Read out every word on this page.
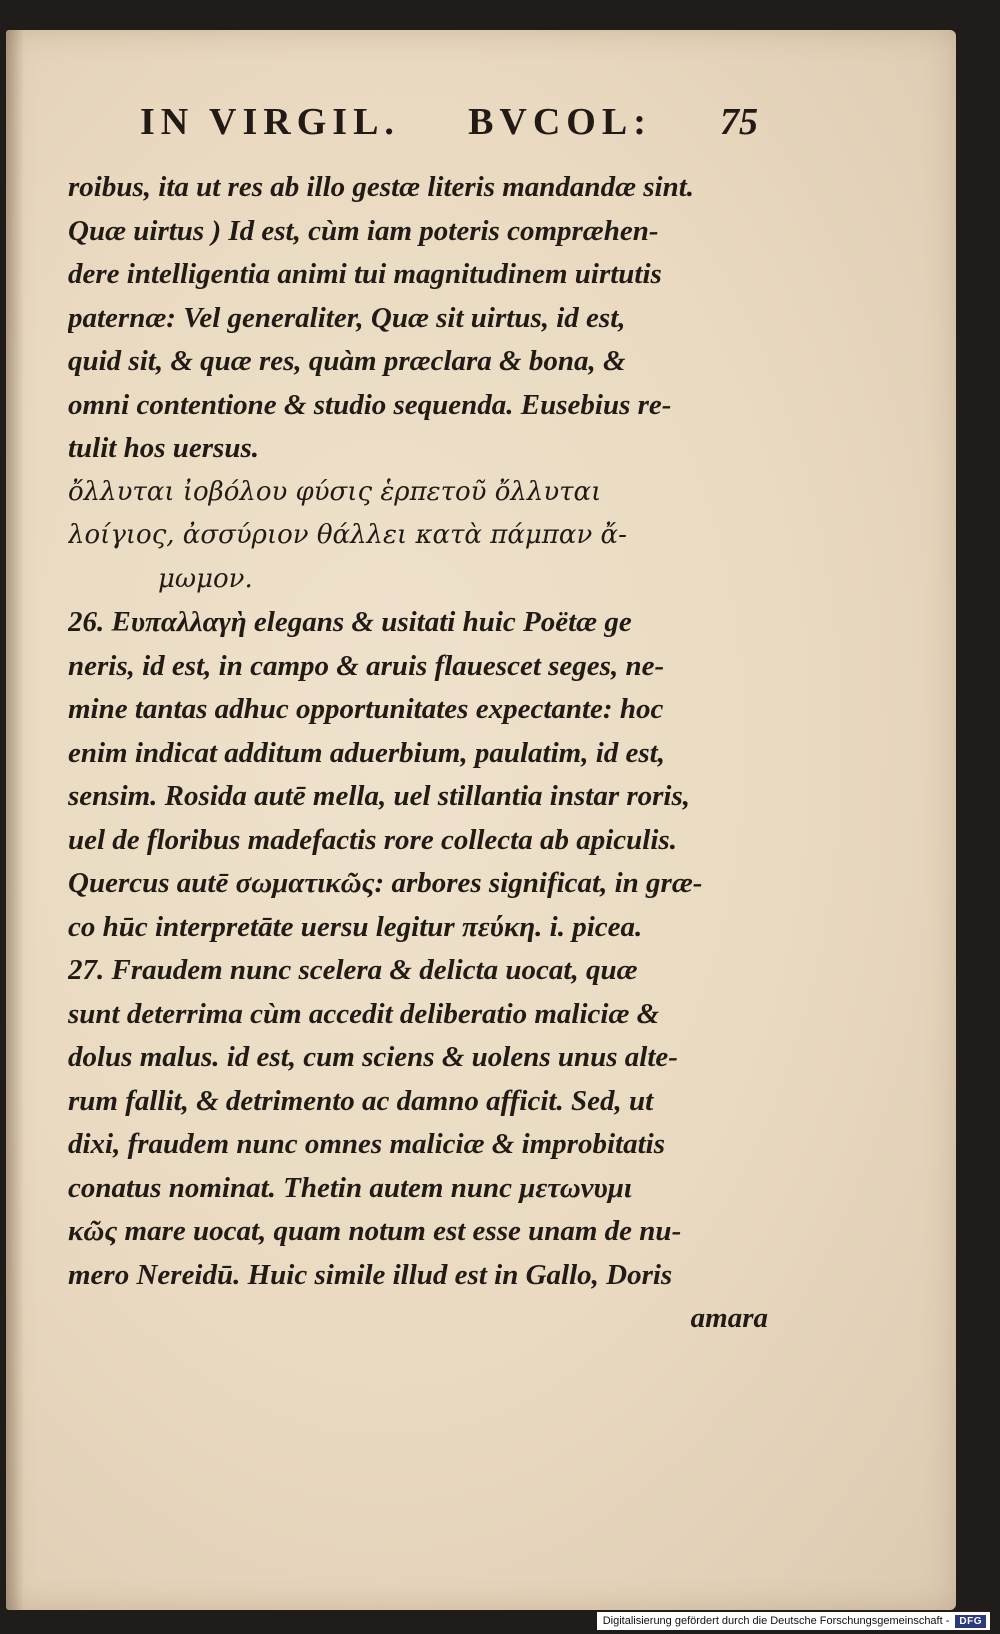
IN VIRGIL. BVCOL: 75
roibus, ita ut res ab illo gestæ literis mandandæ sint.
Quæ uirtus ) Id est, cùm iam poteris compræhen-
dere intelligentia animi tui magnitudinem uirtutis
paternæ: Vel generaliter, Quæ sit uirtus, id est,
quid sit, & quæ res, quàm præclara & bona, &
omni contentione & studio sequenda. Eusebius re-
tulit hos uersus.
ὄλλυται ἰοβόλου φύσις ἑρπετοῦ ὄλλυται
λοίγιος, ἀσσύριον θάλλει κατὰ πάμπαν ἄ-
μωμον.
26. Ευπαλλαγὴ elegans & usitati huic Poëtæ ge
neris, id est, in campo & aruis flauescet seges, ne-
mine tantas adhuc opportunitates expectante: hoc
enim indicat additum aduerbium, paulatim, id est,
sensim. Rosida autē mella, uel stillantia instar roris,
uel de floribus madefactis rore collecta ab apiculis.
Quercus autē σωματικῶς: arbores significat, in græ-
co hūc interpretāte uersu legitur πεύκη. i. picea.
27. Fraudem nunc scelera & delicta uocat, quæ
sunt deterrima cùm accedit deliberatio maliciæ &
dolus malus. id est, cum sciens & uolens unus alte-
rum fallit, & detrimento ac damno afficit. Sed, ut
dixi, fraudem nunc omnes maliciæ & improbitatis
conatus nominat. Thetin autem nunc μετωνυμι
κῶς mare uocat, quam notum est esse unam de nu-
mero Nereidū. Huic simile illud est in Gallo, Doris
amara
Digitalisierung gefördert durch die Deutsche Forschungsgemeinschaft -	DFG
